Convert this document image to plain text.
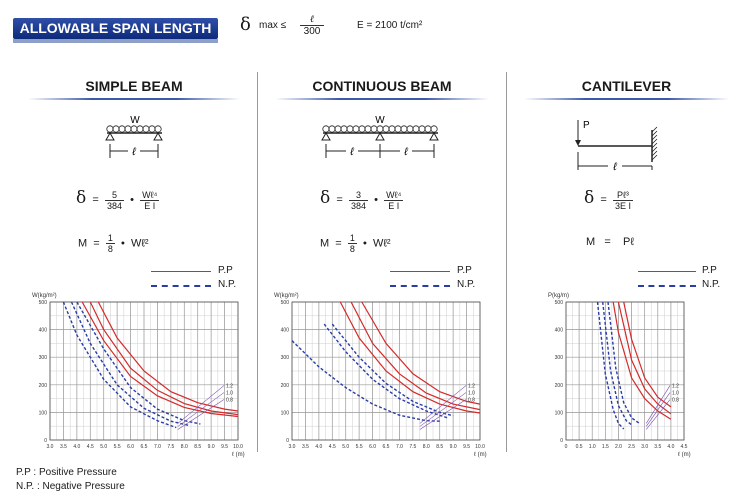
ALLOWABLE SPAN LENGTH	δ max ≤
ℓ
300
E = 2100 t/cm²
SIMPLE BEAM
W
ℓ
$\delta = \frac{5}{384}$ • $\frac{\text{Wℓ⁴}}{\text{E I}}$
$M = \frac{1}{8}$ • Wℓ²
P.P
N.P.
CONTINUOUS BEAM
W
ℓ	ℓ
$\delta = \frac{3}{384}$ • $\frac{\text{Wℓ⁴}}{\text{E I}}$
$M = \frac{1}{8}$ • Wℓ²
P.P
N.P.
CANTILEVER
P
ℓ
$\delta = \frac{\text{Pℓ³}}{\text{3E I}}$
M = Pℓ
P.P
N.P.
3.0 3.5 4.0 4.5 5.0 5.5 6.0 6.5 7.0 7.5 8.0 8.5 9.0 9.5 10.0
0
100
200
300
400
500
W(kg/m²)
ℓ (m)
1.2
1.0
0.8
3.0 3.5 4.0 4.5 5.0 5.5 6.0 6.5 7.0 7.5 8.0 8.5 9.0 9.5 10.0
0
100
200
300
400
500
W(kg/m²)
ℓ (m)
1.2
1.0
0.8
0 0.5 1.0 1.5 2.0 2.5 3.0 3.5 4.0 4.5
0
100
200
300
400
500
P(kg/m)
ℓ (m)
1.2
1.0
0.8
P.P : Positive Pressure
N.P. : Negative Pressure
